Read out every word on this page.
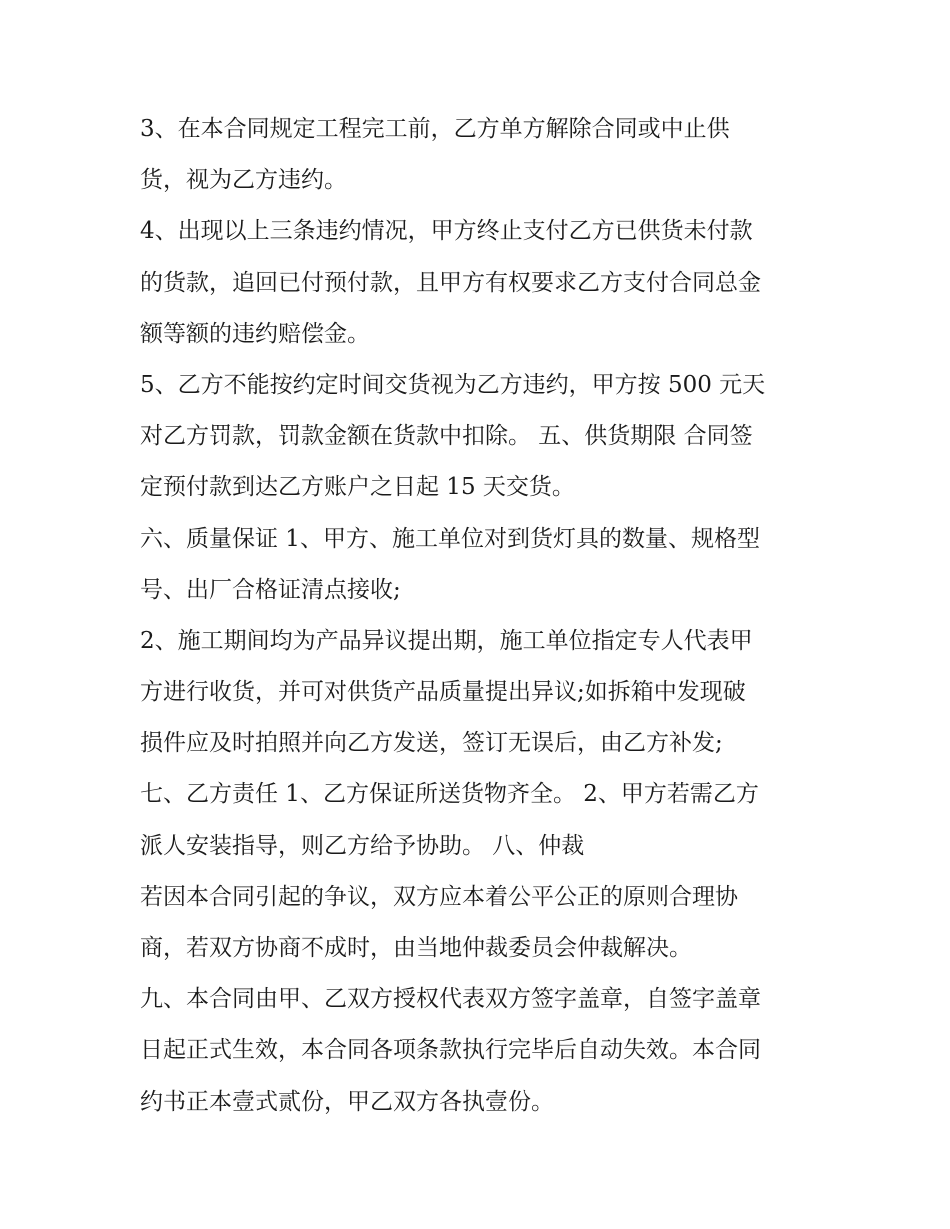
3、在本合同规定工程完工前，乙方单方解除合同或中止供
货，视为乙方违约。
4、出现以上三条违约情况，甲方终止支付乙方已供货未付款
的货款，追回已付预付款，且甲方有权要求乙方支付合同总金
额等额的违约赔偿金。
5、乙方不能按约定时间交货视为乙方违约，甲方按 500 元天
对乙方罚款，罚款金额在货款中扣除。 五、供货期限 合同签
定预付款到达乙方账户之日起 15 天交货。
六、质量保证 1、甲方、施工单位对到货灯具的数量、规格型
号、出厂合格证清点接收;
2、施工期间均为产品异议提出期，施工单位指定专人代表甲
方进行收货，并可对供货产品质量提出异议;如拆箱中发现破
损件应及时拍照并向乙方发送，签订无误后，由乙方补发;
七、乙方责任 1、乙方保证所送货物齐全。 2、甲方若需乙方
派人安装指导，则乙方给予协助。 八、仲裁
若因本合同引起的争议，双方应本着公平公正的原则合理协
商，若双方协商不成时，由当地仲裁委员会仲裁解决。
九、本合同由甲、乙双方授权代表双方签字盖章，自签字盖章
日起正式生效，本合同各项条款执行完毕后自动失效。本合同
约书正本壹式贰份，甲乙双方各执壹份。
